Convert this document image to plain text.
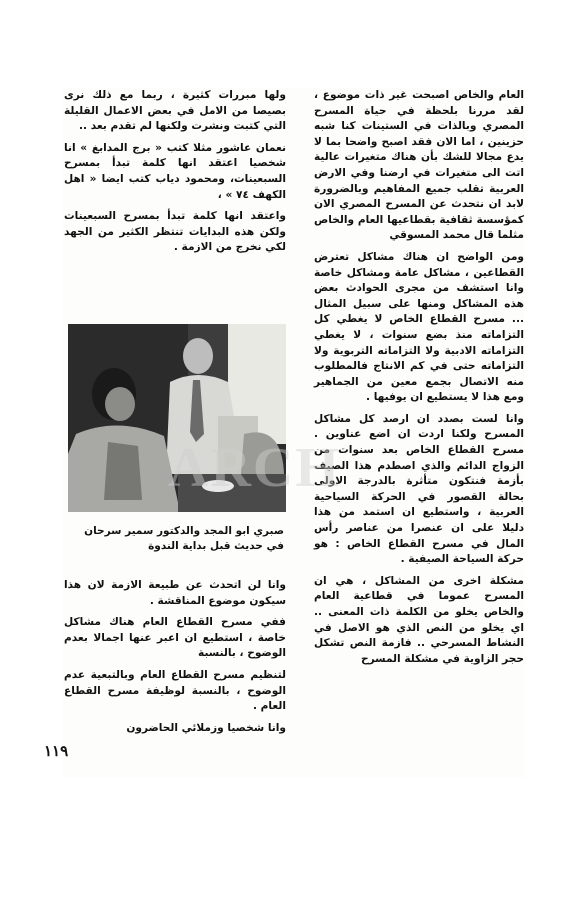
العام والخاص اصبحت غير ذات موضوع ، لقد مررنا بلحظة في حياة المسرح المصري وبالذات في الستينات كنا شبه حزينين ، اما الان فقد اصبح واضحا بما لا يدع مجالا للشك بأن هناك متغيرات عالية اتت الى متغيرات في ارضنا وفي الارض العربية تقلب جميع المفاهيم وبالضرورة لابد ان نتحدث عن المسرح المصري الان كمؤسسة ثقافية بقطاعيها العام والخاص مثلما قال محمد المسوقي

ومن الواضح ان هناك مشاكل تعترض القطاعين ، مشاكل عامة ومشاكل خاصة وانا استشف من مجرى الحوادث بعض هذه المشاكل ومنها على سبيل المثال ... مسرح القطاع الخاص لا يغطي كل التزاماته منذ بضع سنوات ، لا يغطي التزاماته الادبية ولا التزاماته التربوية ولا التزاماته حتى في كم الانتاج فالمطلوب منه الاتصال بجمع معين من الجماهير ومع هذا لا يستطيع ان يوفيها .

وانا لست بصدد ان ارصد كل مشاكل المسرح ولكنا اردت ان اضع عناوين . مسرح القطاع الخاص بعد سنوات من الزواج الدائم والذي اصطدم هذا الصيف بأزمة فنتكون متأثرة بالدرجة الاولى بحالة القصور في الحركة السياحية العربية ، واستطيع ان استمد من هذا دليلا على ان عنصرا من عناصر رأس المال في مسرح القطاع الخاص : هو حركة السياحة الصيفية .

مشكلة اخرى من المشاكل ، هي ان المسرح عموما في قطاعية العام والخاص يخلو من الكلمة ذات المعنى .. اي يخلو من النص الذي هو الاصل في النشاط المسرحي .. فازمة النص تشكل حجر الزاوية في مشكلة المسرح

ولها مبررات كثيرة ، ربما مع ذلك نرى بصيصا من الامل في بعض الاعمال القليلة التي كتبت ونشرت ولكنها لم تقدم بعد ..

نعمان عاشور مثلا كتب « برج المدابغ » انا شخصيا اعتقد انها كلمة تبدأ بمسرح السبعينات، ومحمود دياب كتب ايضا « اهل الكهف ٧٤ » ،

واعتقد انها كلمة تبدأ بمسرح السبعينات ولكن هذه البدايات تنتظر الكثير من الجهد لكي نخرج من الازمة .

صبري ابو المجد والدكتور سمير سرحان في حديث قبل بداية الندوة

وانا لن اتحدث عن طبيعة الازمة لان هذا سيكون موضوع المناقشة .

ففي مسرح القطاع العام هناك مشاكل خاصة ، استطيع ان اعبر عنها اجمالا بعدم الوضوح ، بالنسبة

لتنظيم مسرح القطاع العام وبالتبعية عدم الوضوح ، بالنسبة لوظيفة مسرح القطاع العام .

وانا شخصيا وزملائي الحاضرون

ARCH
١١٩
